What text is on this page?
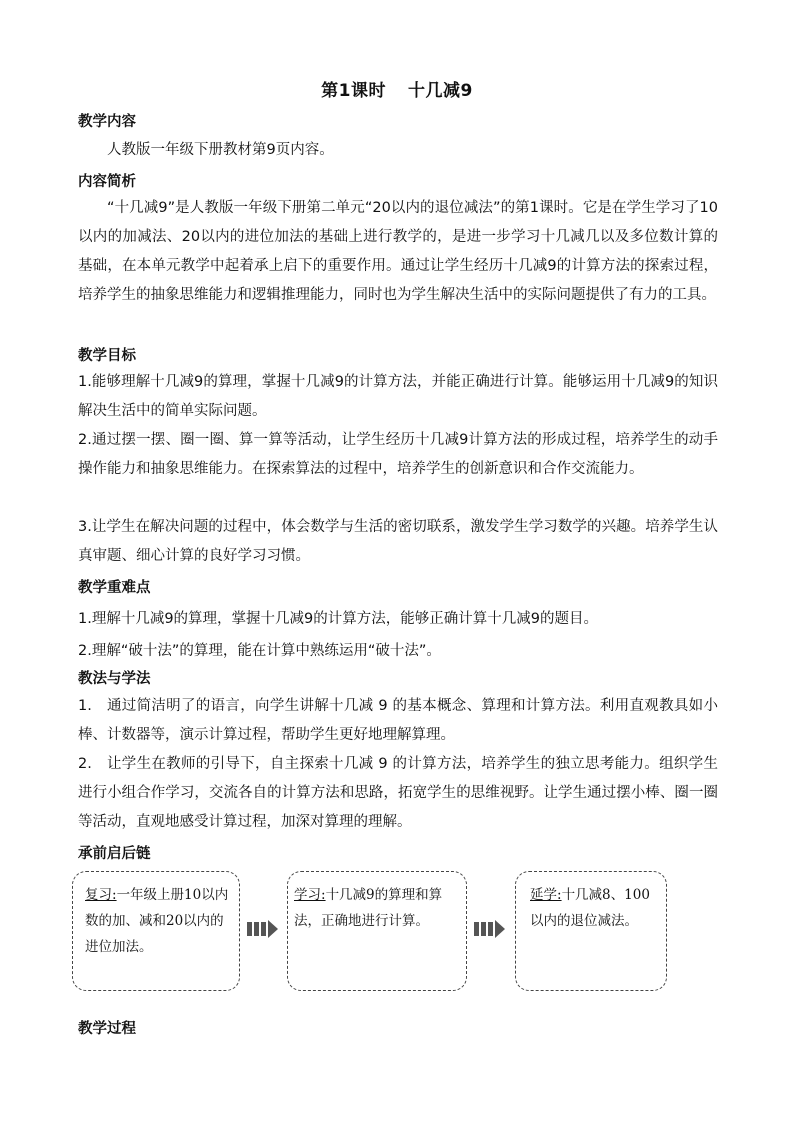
第1课时 十几减9
教学内容

人教版一年级下册教材第9页内容。

内容简析

“十几减9”是人教版一年级下册第二单元“20以内的退位减法”的第1课时。它是在学生学习了10以内的加减法、20以内的进位加法的基础上进行教学的，是进一步学习十几减几以及多位数计算的基础，在本单元教学中起着承上启下的重要作用。通过让学生经历十几减9的计算方法的探索过程，培养学生的抽象思维能力和逻辑推理能力，同时也为学生解决生活中的实际问题提供了有力的工具。

教学目标

1.能够理解十几减9的算理，掌握十几减9的计算方法，并能正确进行计算。能够运用十几减9的知识解决生活中的简单实际问题。

2.通过摆一摆、圈一圈、算一算等活动，让学生经历十几减9计算方法的形成过程，培养学生的动手操作能力和抽象思维能力。在探索算法的过程中，培养学生的创新意识和合作交流能力。

3.让学生在解决问题的过程中，体会数学与生活的密切联系，激发学生学习数学的兴趣。培养学生认真审题、细心计算的良好学习习惯。

教学重难点

1.理解十几减9的算理，掌握十几减9的计算方法，能够正确计算十几减9的题目。

2.理解“破十法”的算理，能在计算中熟练运用“破十法”。

教法与学法

1.　通过简洁明了的语言，向学生讲解十几减 9 的基本概念、算理和计算方法。利用直观教具如小棒、计数器等，演示计算过程，帮助学生更好地理解算理。

2.　让学生在教师的引导下，自主探索十几减 9 的计算方法，培养学生的独立思考能力。组织学生进行小组合作学习，交流各自的计算方法和思路，拓宽学生的思维视野。让学生通过摆小棒、圈一圈等活动，直观地感受计算过程，加深对算理的理解。

承前启后链

复习:一年级上册10以内数的加、减和20以内的进位加法。

学习:十几减9的算理和算法，正确地进行计算。

延学:十几减8、100以内的退位减法。

教学过程
